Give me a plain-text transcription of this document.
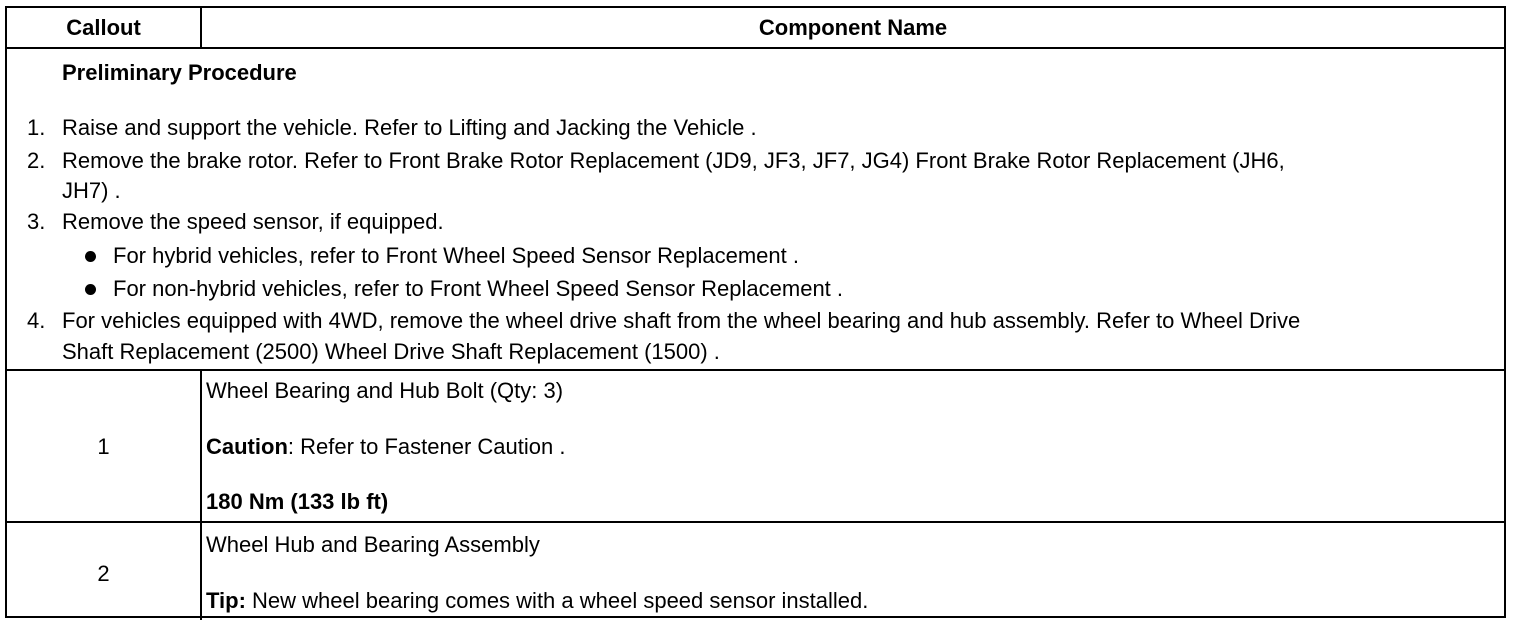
Callout	Component Name
Preliminary Procedure
1. Raise and support the vehicle. Refer to Lifting and Jacking the Vehicle .
2. Remove the brake rotor. Refer to Front Brake Rotor Replacement (JD9, JF3, JF7, JG4) Front Brake Rotor Replacement (JH6,
JH7) .
3. Remove the speed sensor, if equipped.
For hybrid vehicles, refer to Front Wheel Speed Sensor Replacement .
For non-hybrid vehicles, refer to Front Wheel Speed Sensor Replacement .
4. For vehicles equipped with 4WD, remove the wheel drive shaft from the wheel bearing and hub assembly. Refer to Wheel Drive
Shaft Replacement (2500) Wheel Drive Shaft Replacement (1500) .
1
Wheel Bearing and Hub Bolt (Qty: 3)
Caution: Refer to Fastener Caution .
180 Nm (133 lb ft)
2
Wheel Hub and Bearing Assembly
Tip: New wheel bearing comes with a wheel speed sensor installed.
